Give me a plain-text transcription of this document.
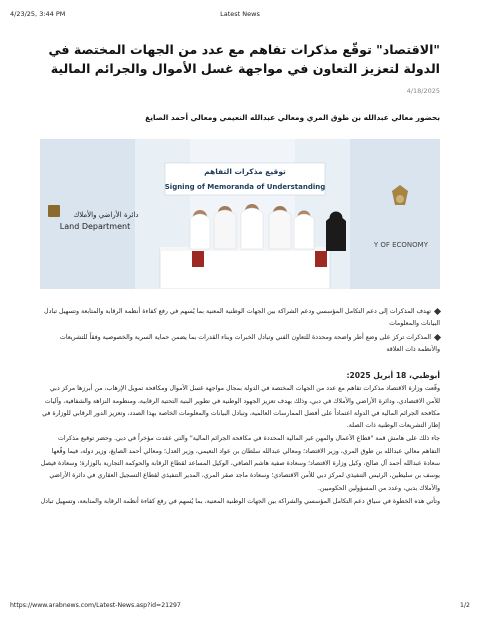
4/23/25, 3:44 PM	Latest News
"الاقتصاد" توقّع مذكرات تفاهم مع عدد من الجهات المختصة في الدولة لتعزيز التعاون في مواجهة غسل الأموال والجرائم المالية
4/18/2025
بحضور معالي عبدالله بن طوق المري ومعالي عبدالله النعيمي ومعالي أحمد الصايغ
توقيع مذكرات التفاهم
Signing of Memoranda of Understanding
دائرة الأراضي والأملاك
Land Department
Y OF ECONOMY
تهدف المذكرات إلى دعم التكامل المؤسسي ودعم الشراكة بين الجهات الوطنية المعنية بما يُسهم في رفع كفاءة أنظمة الرقابة والمتابعة وتسهيل تبادل البيانات والمعلومات
المذكرات تركز على وضع أطر واضحة ومحددة للتعاون الفني وتبادل الخبرات وبناء القدرات بما يضمن حماية السرية والخصوصية وفقاً للتشريعات والأنظمة ذات العلاقة

أبوظبي، 18 أبريل 2025:

وقّعت وزارة الاقتصاد مذكرات تفاهم مع عدد من الجهات المختصة في الدولة بمجال مواجهة غسل الأموال ومكافحة تمويل الإرهاب، من أبرزها مركز دبي للأمن الاقتصادي، ودائرة الأراضي والأملاك في دبي، وذلك بهدف تعزيز الجهود الوطنية في تطوير البنية التحتية الرقابية، ومنظومة النزاهة والشفافية، وآليات مكافحة الجرائم المالية في الدولة اعتماداً على أفضل الممارسات العالمية، وتبادل البيانات والمعلومات الخاصة بهذا الصدد، وتعزيز الدور الرقابي للوزارة في إطار التشريعات الوطنية ذات الصلة.

جاء ذلك على هامش قمة "قطاع الأعمال والمهن غير المالية المحددة في مكافحة الجرائم المالية" والتي عقدت مؤخراً في دبي. وحضر توقيع مذكرات التفاهم معالي عبدالله بن طوق المري، وزير الاقتصاد؛ ومعالي عبدالله سلطان بن عواد النعيمي، وزير العدل؛ ومعالي أحمد الصايغ، وزير دولة، فيما وقّعها سعادة عبدالله أحمد آل صالح، وكيل وزارة الاقتصاد؛ وسعادة صفية هاشم الصافي، الوكيل المساعد لقطاع الرقابة والحوكمة التجارية بالوزارة؛ وسعادة فيصل يوسف بن سليطين، الرئيس التنفيذي لمركز دبي للأمن الاقتصادي؛ وسعادة ماجد صقر المري، المدير التنفيذي لقطاع التسجيل العقاري في دائرة الأراضي والأملاك بدبي، وعدد من المسؤولين الحكوميين.

وتأتي هذه الخطوة في سياق دعم التكامل المؤسسي والشراكة بين الجهات الوطنية المعنية، بما يُسهم في رفع كفاءة أنظمة الرقابة والمتابعة، وتسهيل تبادل

https://www.arabnews.com/Latest-News.asp?id=21297	1/2
